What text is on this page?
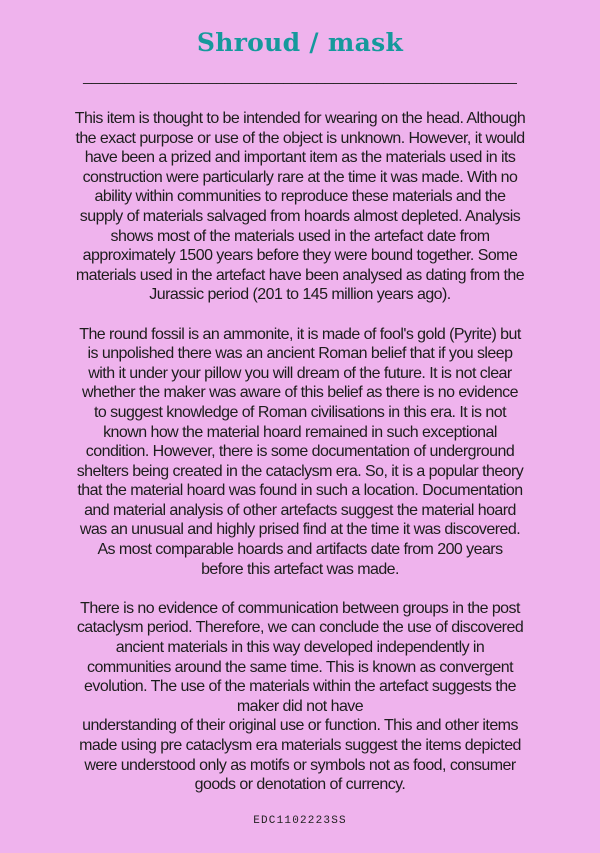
Shroud / mask
____________________________________________________

This item is thought to be intended for wearing on the head. Although
the exact purpose or use of the object is unknown. However, it would
have been a prized and important item as the materials used in its
construction were particularly rare at the time it was made. With no
ability within communities to reproduce these materials and the
supply of materials salvaged from hoards almost depleted. Analysis
shows most of the materials used in the artefact date from
approximately 1500 years before they were bound together. Some
materials used in the artefact have been analysed as dating from the
Jurassic period (201 to 145 million years ago).

The round fossil is an ammonite, it is made of fool's gold (Pyrite) but
is unpolished there was an ancient Roman belief that if you sleep
with it under your pillow you will dream of the future. It is not clear
whether the maker was aware of this belief as there is no evidence
to suggest knowledge of Roman civilisations in this era. It is not
known how the material hoard remained in such exceptional
condition. However, there is some documentation of underground
shelters being created in the cataclysm era. So, it is a popular theory
that the material hoard was found in such a location. Documentation
and material analysis of other artefacts suggest the material hoard
was an unusual and highly prised find at the time it was discovered.
As most comparable hoards and artifacts date from 200 years
before this artefact was made.

There is no evidence of communication between groups in the post
cataclysm period. Therefore, we can conclude the use of discovered
ancient materials in this way developed independently in
communities around the same time. This is known as convergent
evolution. The use of the materials within the artefact suggests the
maker did not have
understanding of their original use or function. This and other items
made using pre cataclysm era materials suggest the items depicted
were understood only as motifs or symbols not as food, consumer
goods or denotation of currency.

EDC1102223SS
